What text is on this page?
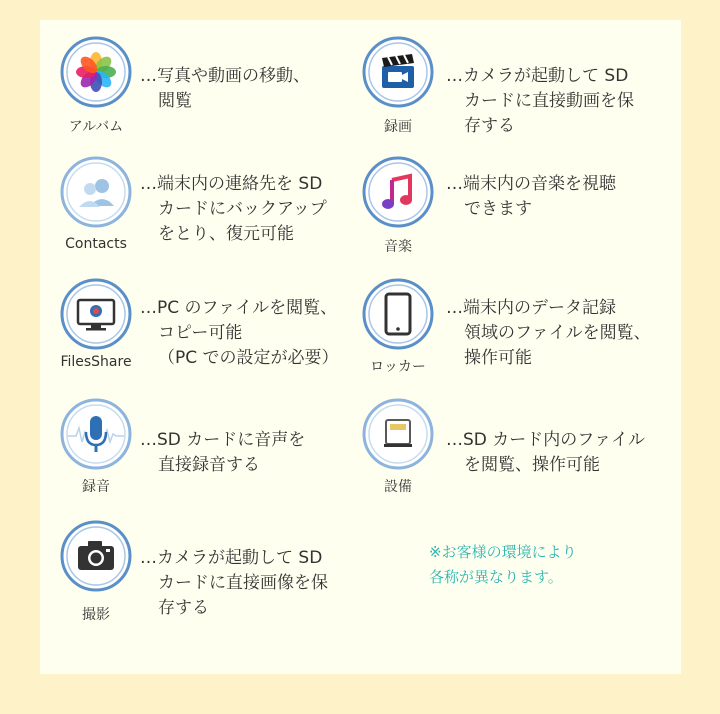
アルバム
…写真や動画の移動、
閲覧
録画
…カメラが起動して SD
カードに直接動画を保
存する
Contacts
…端末内の連絡先を SD
カードにバックアップ
をとり、復元可能
音楽
…端末内の音楽を視聴
できます
FilesShare
…PC のファイルを閲覧、
コピー可能
（PC での設定が必要）	ロッカー
…端末内のデータ記録
領域のファイルを閲覧、
操作可能
録音
…SD カードに音声を
直接録音する
設備
…SD カード内のファイル
を閲覧、操作可能
撮影
…カメラが起動して SD
カードに直接画像を保
存する
※お客様の環境により
各称が異なります。
